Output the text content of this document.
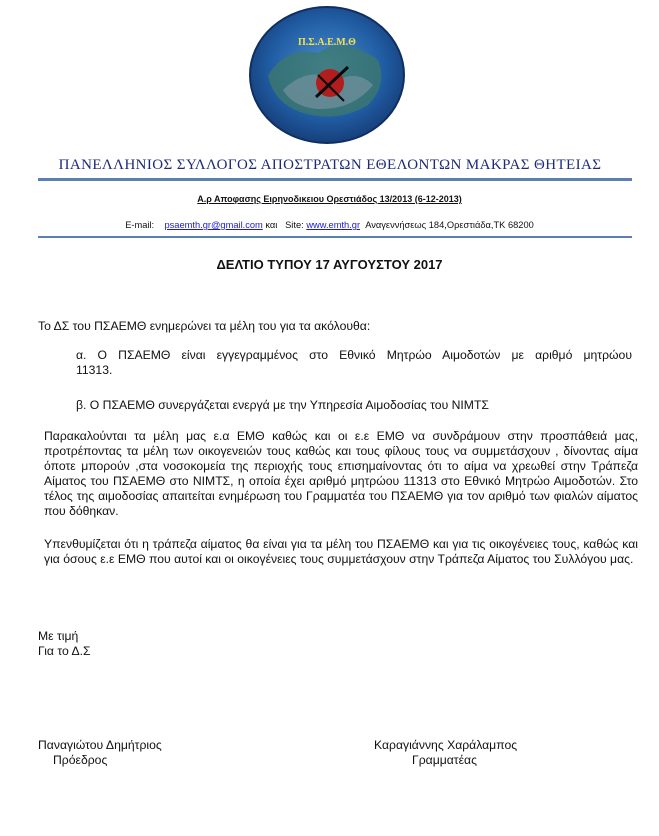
Π.Σ.Α.Ε.Μ.Θ
ΠΑΝΕΛΛΗΝΙΟΣ ΣΥΛΛΟΓΟΣ ΑΠΟΣΤΡΑΤΩΝ ΕΘΕΛΟΝΤΩΝ ΜΑΚΡΑΣ ΘΗΤΕΙΑΣ
Α.ρ Αποφασης Ειρηνοδικειου Ορεστιάδος 13/2013 (6-12-2013)
E-mail: psaemth.gr@gmail.com και Site: www.emth.gr Αναγεννήσεως 184,Ορεστιάδα,ΤΚ 68200
ΔΕΛΤΙΟ ΤΥΠΟΥ 17 ΑΥΓΟΥΣΤΟΥ 2017
Το ΔΣ του ΠΣΑΕΜΘ ενημερώνει τα μέλη του για τα ακόλουθα:
α. Ο ΠΣΑΕΜΘ είναι εγγεγραμμένος στο Εθνικό Μητρώο Αιμοδοτών με αριθμό μητρώου
11313.
β. Ο ΠΣΑΕΜΘ συνεργάζεται ενεργά με την Υπηρεσία Αιμοδοσίας του ΝΙΜΤΣ
Παρακαλούνται τα μέλη μας ε.α ΕΜΘ καθώς και οι ε.ε ΕΜΘ να συνδράμουν στην προσπάθειά μας, προτρέποντας τα μέλη των οικογενειών τους καθώς και τους φίλους τους να συμμετάσχουν , δίνοντας αίμα όποτε μπορούν ,στα νοσοκομεία της περιοχής τους επισημαίνοντας ότι το αίμα να χρεωθεί στην Τράπεζα Αίματος του ΠΣΑΕΜΘ στο ΝΙΜΤΣ, η οποία έχει αριθμό μητρώου 11313 στο Εθνικό Μητρώο Αιμοδοτών. Στο τέλος της αιμοδοσίας απαιτείται ενημέρωση του Γραμματέα του ΠΣΑΕΜΘ για τον αριθμό των φιαλών αίματος που δόθηκαν.
Υπενθυμίζεται ότι η τράπεζα αίματος θα είναι για τα μέλη του ΠΣΑΕΜΘ και για τις οικογένειες τους, καθώς και για όσους ε.ε ΕΜΘ που αυτοί και οι οικογένειες τους συμμετάσχουν στην Τράπεζα Αίματος του Συλλόγου μας.
Με τιμή
Για το Δ.Σ
Παναγιώτου Δημήτριος
Πρόεδρος
Καραγιάννης Χαράλαμπος
Γραμματέας
